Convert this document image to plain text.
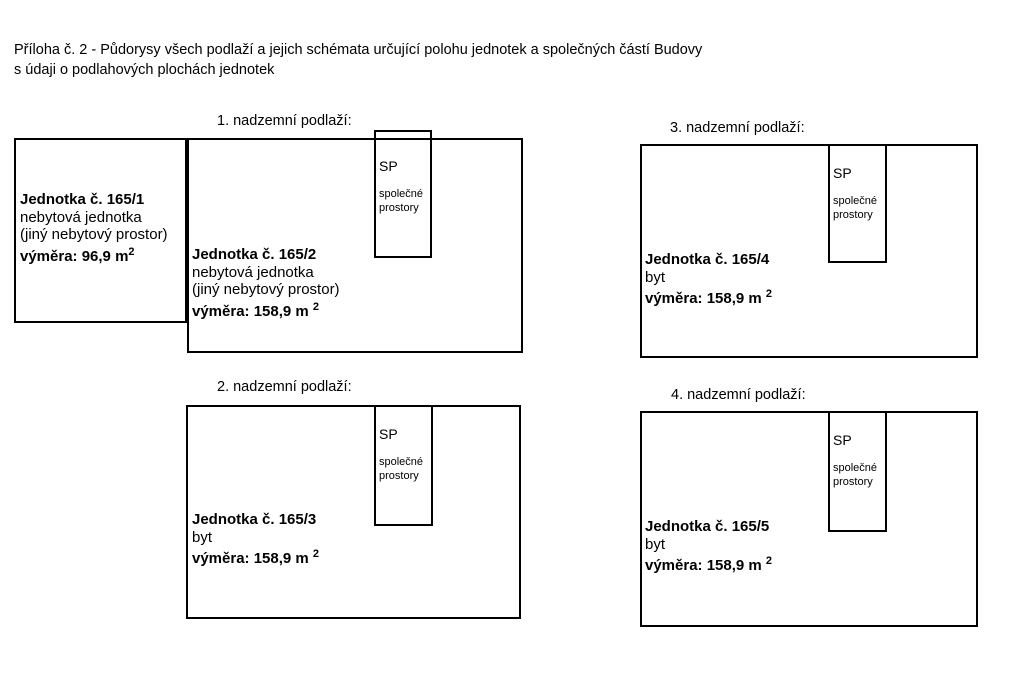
Příloha č. 2 - Půdorysy všech podlaží a jejich schémata určující polohu jednotek a společných částí Budovy
s údaji o podlahových plochách jednotek
1. nadzemní podlaží:
SP
společné
prostory
Jednotka č. 165/1
nebytová jednotka
(jiný nebytový prostor)
výměra: 96,9 $m^2$	Jednotka č. 165/2
nebytová jednotka
(jiný nebytový prostor)
výměra: 158,9 m $^2$
2. nadzemní podlaží:
SP
společné
prostory
Jednotka č. 165/3
byt
výměra: 158,9 m $^2$
3. nadzemní podlaží:
SP
společné
prostory
Jednotka č. 165/4
byt
výměra: 158,9 m $^2$
4. nadzemní podlaží:
SP
společné
prostory
Jednotka č. 165/5
byt
výměra: 158,9 m $^2$
